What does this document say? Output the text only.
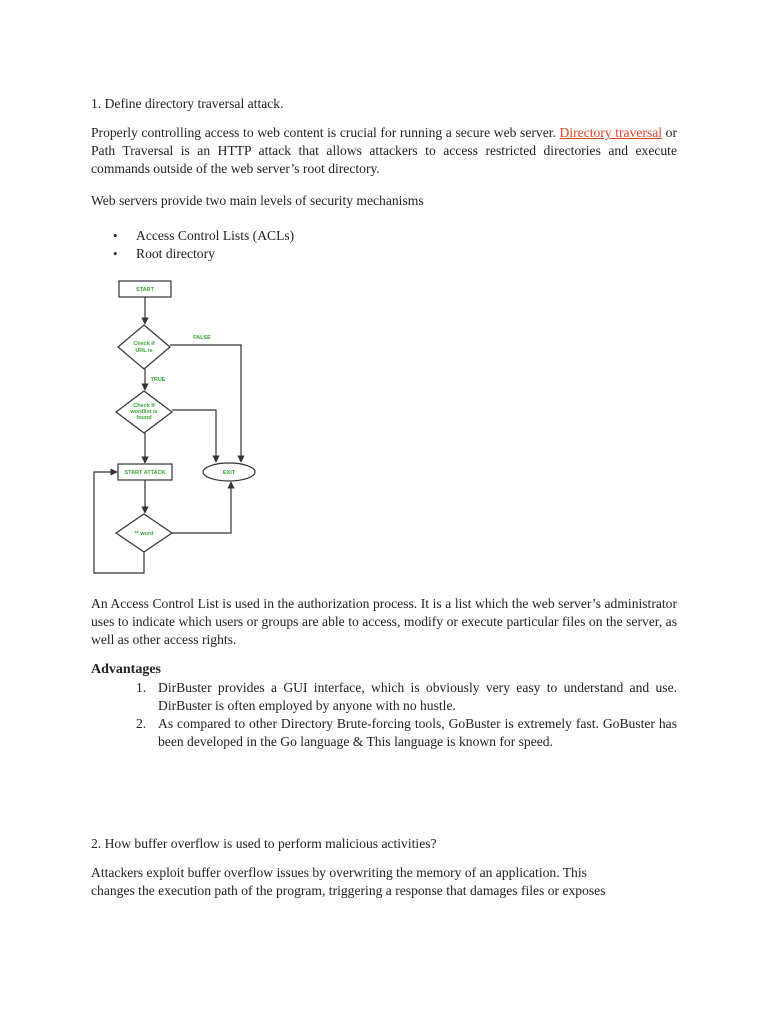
1. Define directory traversal attack.

Properly controlling access to web content is crucial for running a secure web server. Directory traversal or Path Traversal is an HTTP attack that allows attackers to access restricted directories and execute commands outside of the web server’s root directory.

Web servers provide two main levels of security mechanisms

• Access Control Lists (ACLs)
• Root directory
START
Check if
URL is
Check if
wordlist is
found
START ATTACK	EXIT
** word
FALSE
TRUE

An Access Control List is used in the authorization process. It is a list which the web server’s administrator uses to indicate which users or groups are able to access, modify or execute particular files on the server, as well as other access rights.

Advantages
1. DirBuster provides a GUI interface, which is obviously very easy to understand and use. DirBuster is often employed by anyone with no hustle.
2. As compared to other Directory Brute-forcing tools, GoBuster is extremely fast. GoBuster has been developed in the Go language & This language is known for speed.

2. How buffer overflow is used to perform malicious activities?

Attackers exploit buffer overflow issues by overwriting the memory of an application. This

changes the execution path of the program, triggering a response that damages files or exposes
